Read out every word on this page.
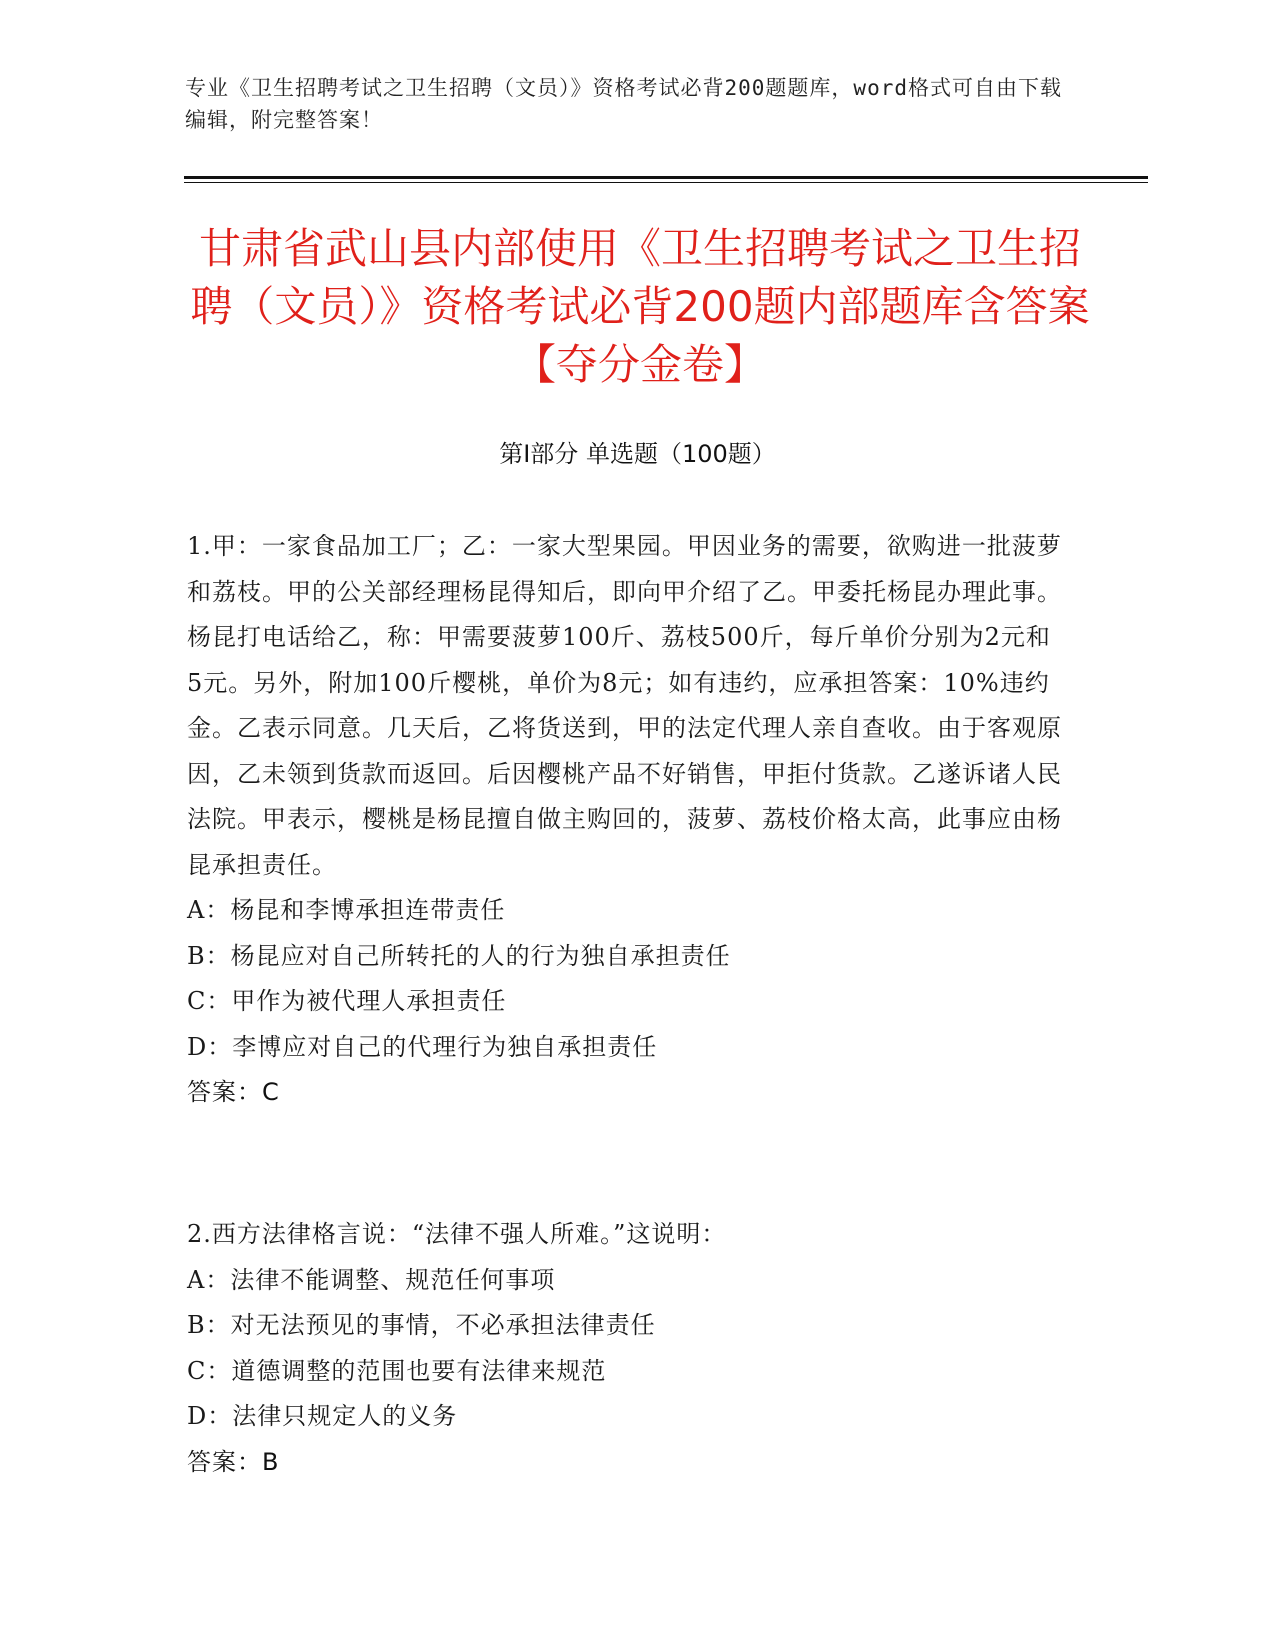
专业《卫生招聘考试之卫生招聘（文员）》资格考试必背200题题库，word格式可自由下载编辑，附完整答案！
甘肃省武山县内部使用《卫生招聘考试之卫生招聘（文员）》资格考试必背200题内部题库含答案【夺分金卷】
第Ⅰ部分 单选题（100题）

1.甲：一家食品加工厂；乙：一家大型果园。甲因业务的需要，欲购进一批菠萝和荔枝。甲的公关部经理杨昆得知后，即向甲介绍了乙。甲委托杨昆办理此事。杨昆打电话给乙，称：甲需要菠萝100斤、荔枝500斤，每斤单价分别为2元和5元。另外，附加100斤樱桃，单价为8元；如有违约，应承担答案：10%违约金。乙表示同意。几天后，乙将货送到，甲的法定代理人亲自查收。由于客观原因，乙未领到货款而返回。后因樱桃产品不好销售，甲拒付货款。乙遂诉诸人民法院。甲表示，樱桃是杨昆擅自做主购回的，菠萝、荔枝价格太高，此事应由杨昆承担责任。

A：杨昆和李博承担连带责任

B：杨昆应对自己所转托的人的行为独自承担责任

C：甲作为被代理人承担责任

D：李博应对自己的代理行为独自承担责任

答案：C

2.西方法律格言说：“法律不强人所难。”这说明：

A：法律不能调整、规范任何事项

B：对无法预见的事情，不必承担法律责任

C：道德调整的范围也要有法律来规范

D：法律只规定人的义务

答案：B
